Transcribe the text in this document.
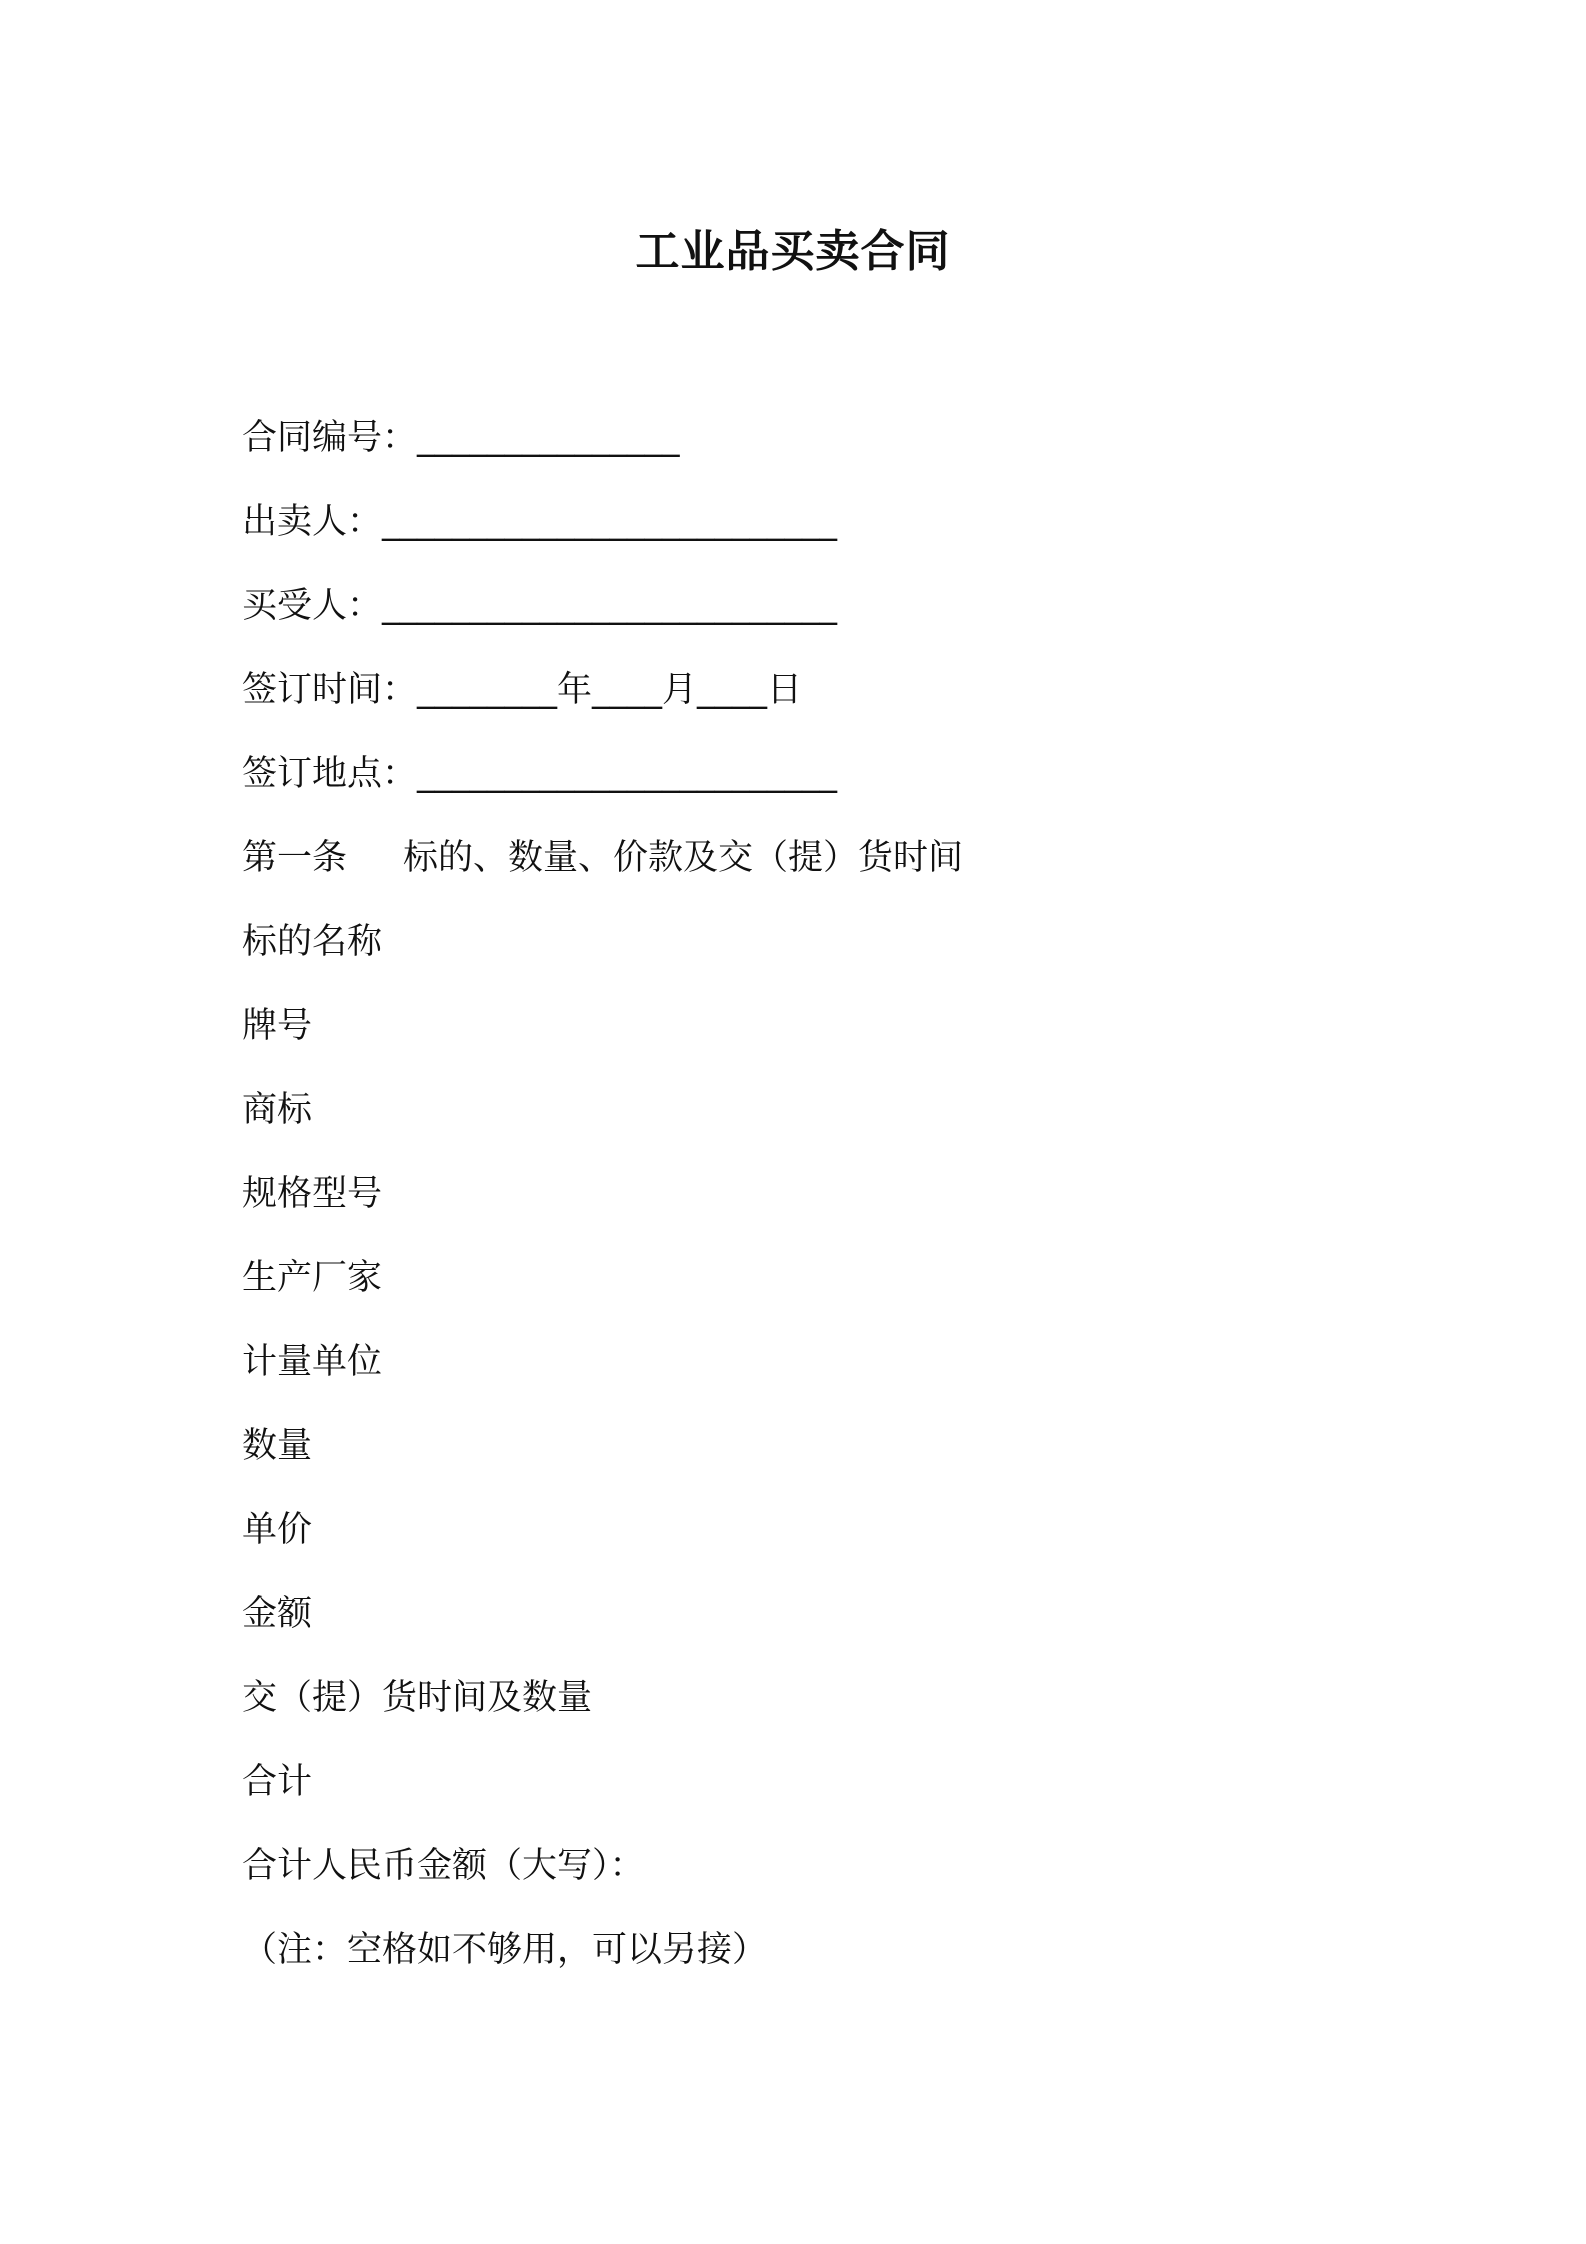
工业品买卖合同
合同编号：_______________
出卖人：__________________________
买受人：__________________________
签订时间：________年____月____日
签订地点：________________________
第一条 标的、数量、价款及交（提）货时间
标的名称
牌号
商标
规格型号
生产厂家
计量单位
数量
单价
金额
交（提）货时间及数量
合计
合计人民币金额（大写）：
（注：空格如不够用，可以另接）
